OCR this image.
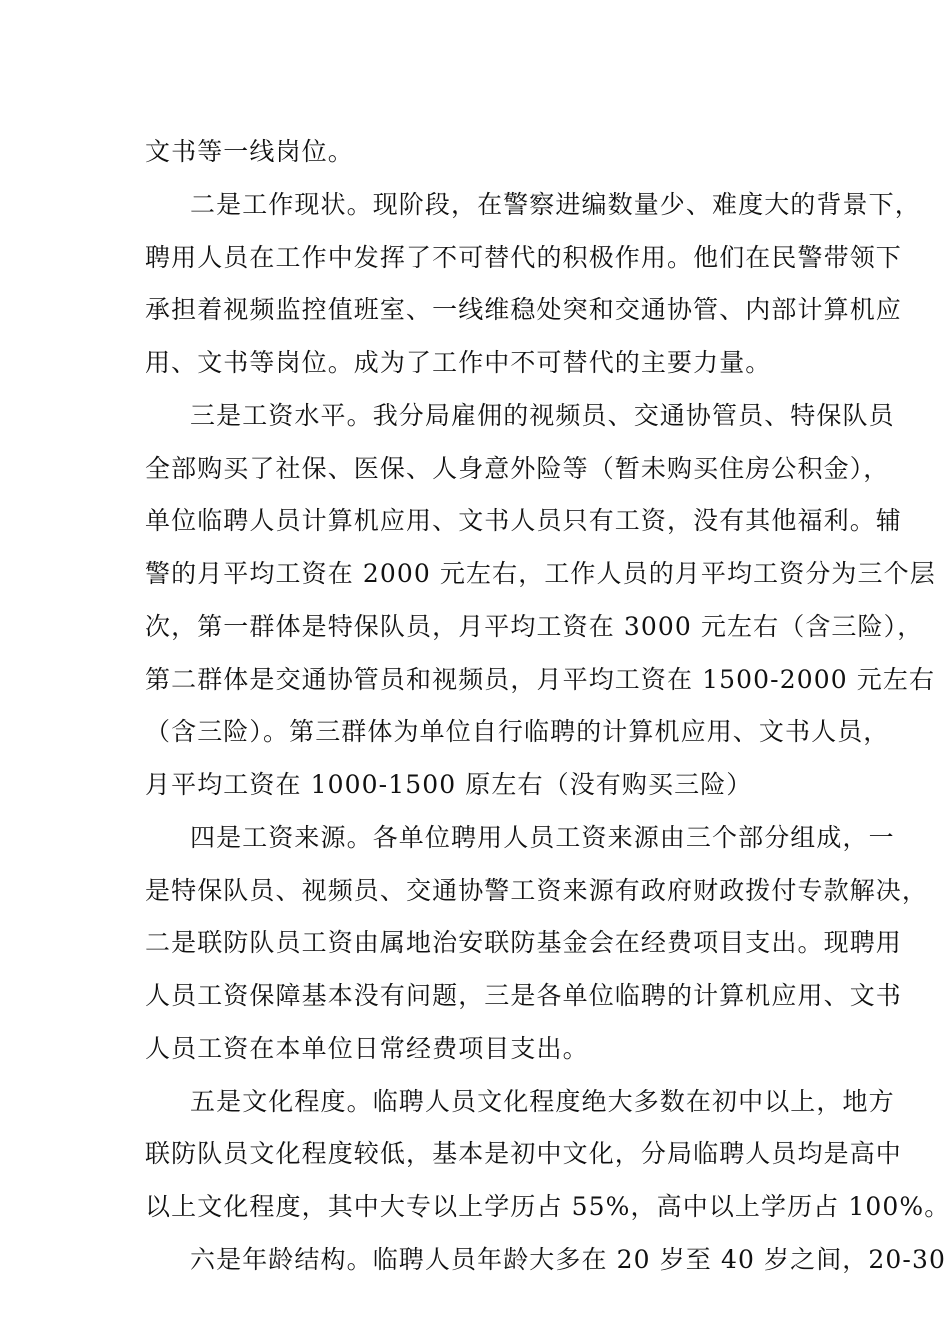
文书等一线岗位。
二是工作现状。现阶段，在警察进编数量少、难度大的背景下，
聘用人员在工作中发挥了不可替代的积极作用。他们在民警带领下
承担着视频监控值班室、一线维稳处突和交通协管、内部计算机应
用、文书等岗位。成为了工作中不可替代的主要力量。
三是工资水平。我分局雇佣的视频员、交通协管员、特保队员
全部购买了社保、医保、人身意外险等（暂未购买住房公积金），
单位临聘人员计算机应用、文书人员只有工资，没有其他福利。辅
警的月平均工资在 2000 元左右，工作人员的月平均工资分为三个层
次，第一群体是特保队员，月平均工资在 3000 元左右（含三险），
第二群体是交通协管员和视频员，月平均工资在 1500-2000 元左右
（含三险）。第三群体为单位自行临聘的计算机应用、文书人员，
月平均工资在 1000-1500 原左右（没有购买三险）
四是工资来源。各单位聘用人员工资来源由三个部分组成，一
是特保队员、视频员、交通协警工资来源有政府财政拨付专款解决，
二是联防队员工资由属地治安联防基金会在经费项目支出。现聘用
人员工资保障基本没有问题，三是各单位临聘的计算机应用、文书
人员工资在本单位日常经费项目支出。
五是文化程度。临聘人员文化程度绝大多数在初中以上，地方
联防队员文化程度较低，基本是初中文化，分局临聘人员均是高中
以上文化程度，其中大专以上学历占 55%，高中以上学历占 100%。
六是年龄结构。临聘人员年龄大多在 20 岁至 40 岁之间，20-30
